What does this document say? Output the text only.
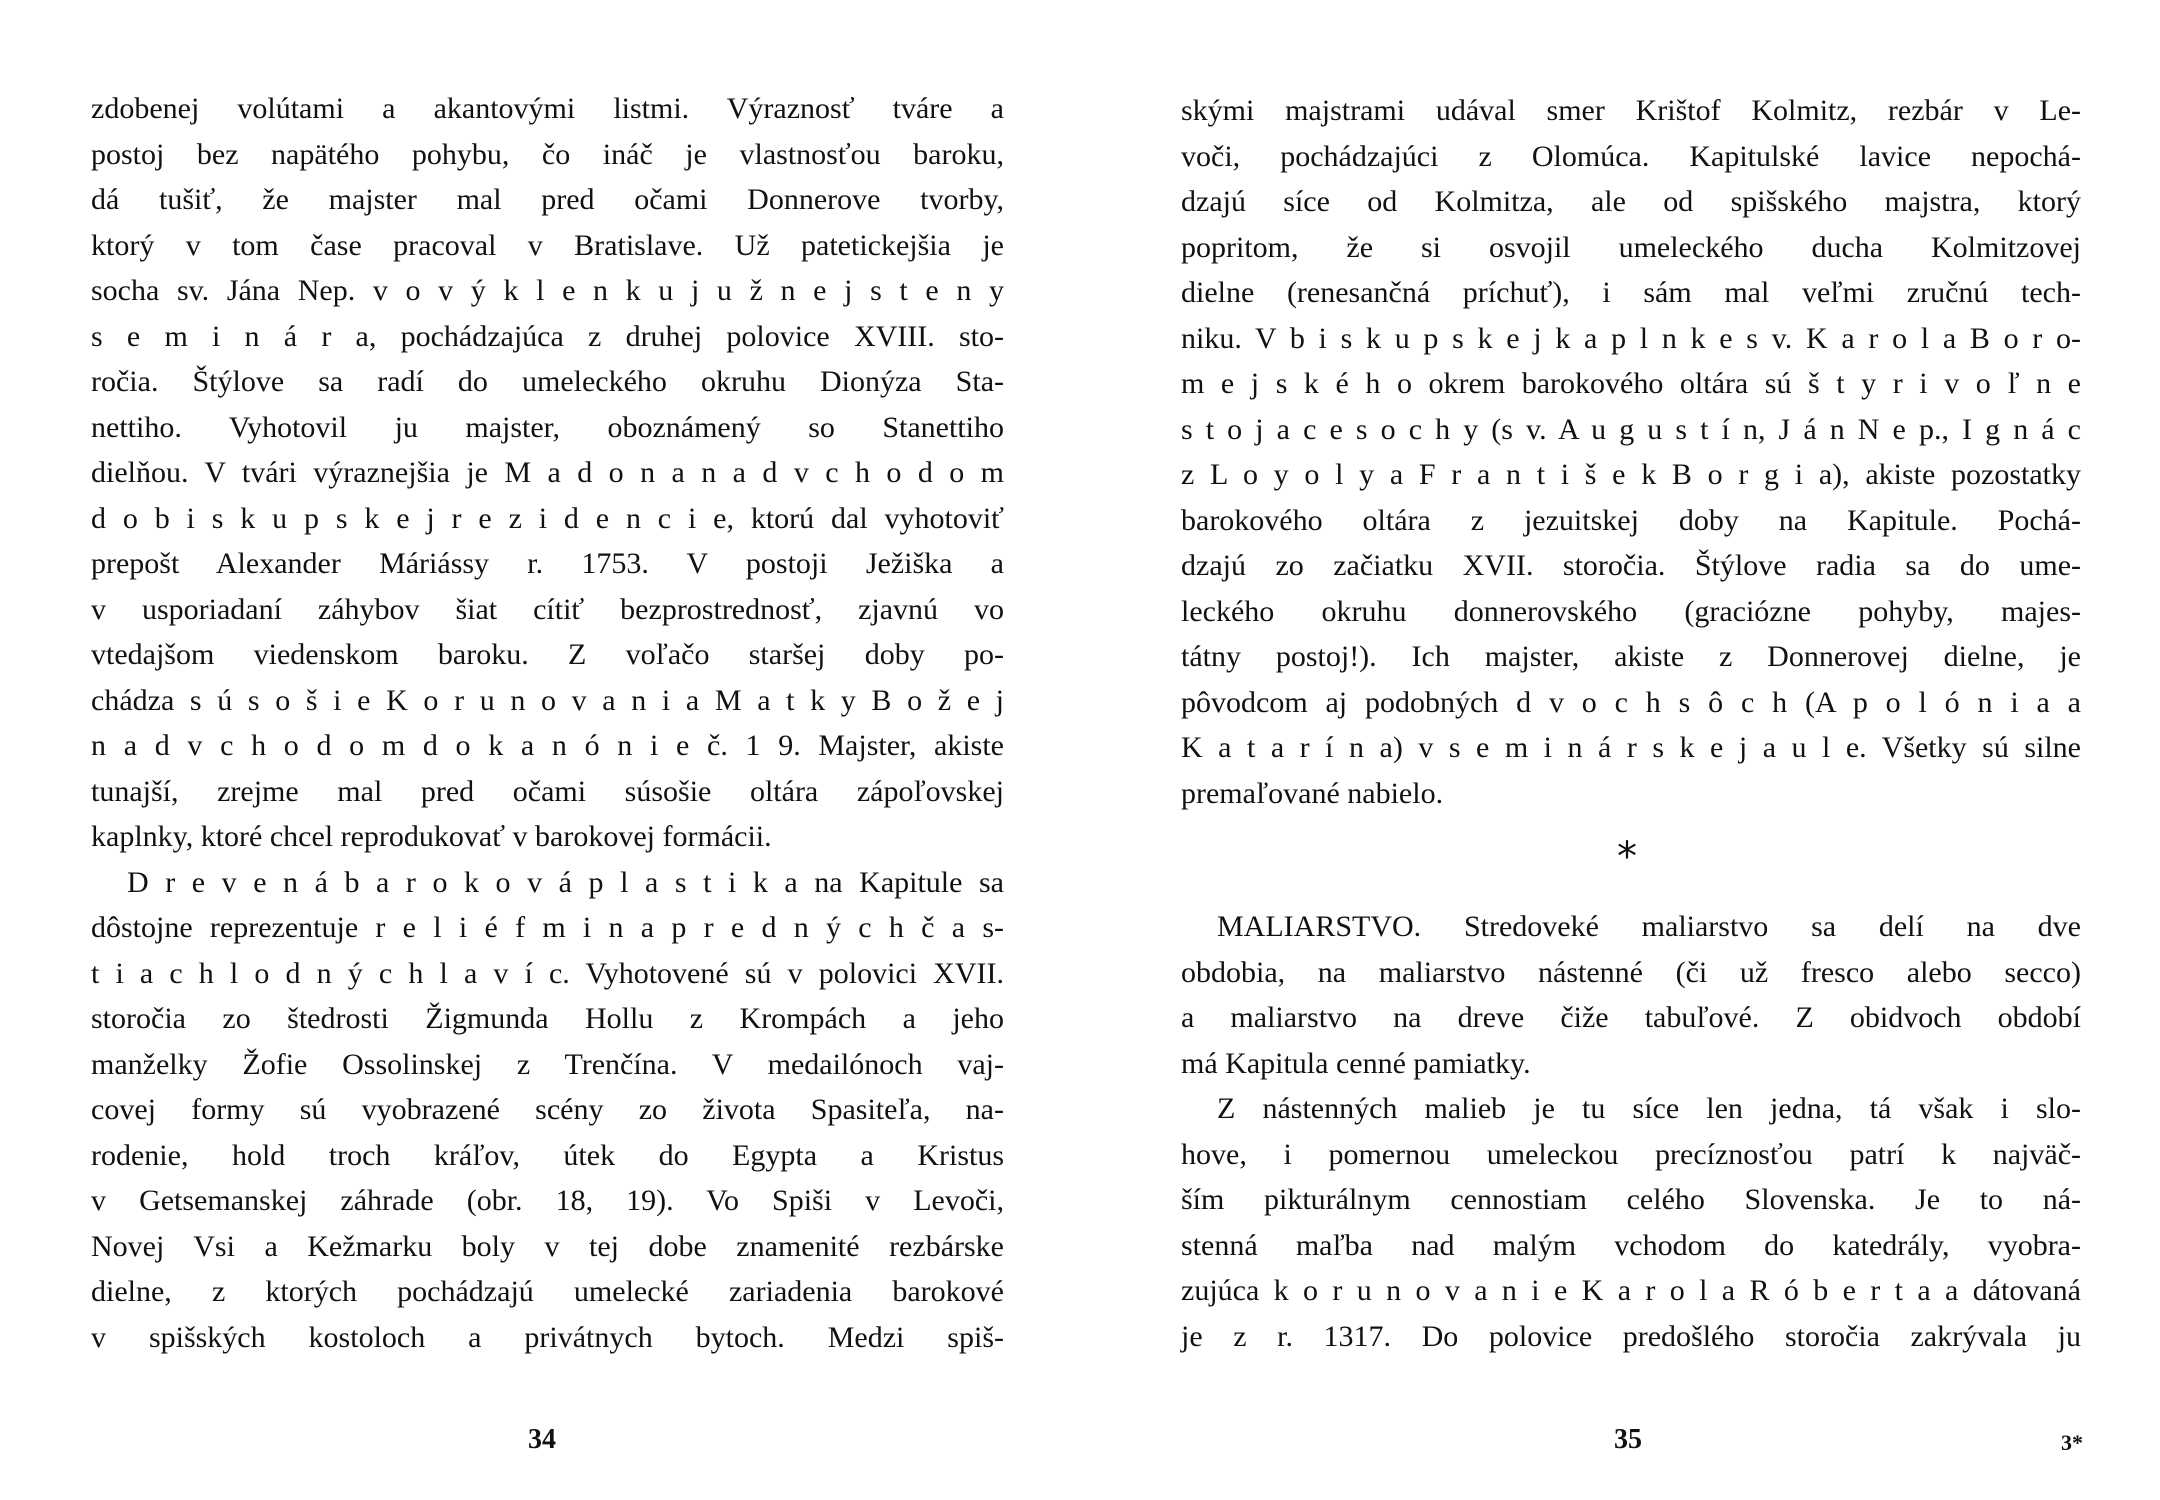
zdobenej volútami a akantovými listmi. Výraznosť tváre a
postoj bez napätého pohybu, čo ináč je vlastnosťou baroku,
dá tušiť, že majster mal pred očami Donnerove tvorby,
ktorý v tom čase pracoval v Bratislave. Už patetickejšia je
socha sv. Jána Nep. v o v ý k l e n k u j u ž n e j s t e n y
s e m i n á r a, pochádzajúca z druhej polovice XVIII. sto-
ročia. Štýlove sa radí do umeleckého okruhu Dionýza Sta-
nettiho. Vyhotovil ju majster, oboznámený so Stanettiho
dielňou. V tvári výraznejšia je M a d o n a n a d v c h o d o m
d o b i s k u p s k e j r e z i d e n c i e, ktorú dal vyhotoviť
prepošt Alexander Máriássy r. 1753. V postoji Ježiška a
v usporiadaní záhybov šiat cítiť bezprostrednosť, zjavnú vo
vtedajšom viedenskom baroku. Z voľačo staršej doby po-
chádza s ú s o š i e K o r u n o v a n i a M a t k y B o ž e j
n a d v c h o d o m d o k a n ó n i e č. 1 9. Majster, akiste
tunajší, zrejme mal pred očami súsošie oltára zápoľovskej
kaplnky, ktoré chcel reprodukovať v barokovej formácii.
D r e v e n á b a r o k o v á p l a s t i k a na Kapitule sa
dôstojne reprezentuje r e l i é f m i n a p r e d n ý c h č a s-
t i a c h l o d n ý c h l a v í c. Vyhotovené sú v polovici XVII.
storočia zo štedrosti Žigmunda Hollu z Krompách a jeho
manželky Žofie Ossolinskej z Trenčína. V medailónoch vaj-
covej formy sú vyobrazené scény zo života Spasiteľa, na-
rodenie, hold troch kráľov, útek do Egypta a Kristus
v Getsemanskej záhrade (obr. 18, 19). Vo Spiši v Levoči,
Novej Vsi a Kežmarku boly v tej dobe znamenité rezbárske
dielne, z ktorých pochádzajú umelecké zariadenia barokové
v spišských kostoloch a privátnych bytoch. Medzi spiš-
34
skými majstrami udával smer Krištof Kolmitz, rezbár v Le-
voči, pochádzajúci z Olomúca. Kapitulské lavice nepochá-
dzajú síce od Kolmitza, ale od spišského majstra, ktorý
popritom, že si osvojil umeleckého ducha Kolmitzovej
dielne (renesančná príchuť), i sám mal veľmi zručnú tech-
niku. V b i s k u p s k e j k a p l n k e s v. K a r o l a B o r o-
m e j s k é h o okrem barokového oltára sú š t y r i v o ľ n e
s t o j a c e s o c h y (s v. A u g u s t í n, J á n N e p., I g n á c
z L o y o l y a F r a n t i š e k B o r g i a), akiste pozostatky
barokového oltára z jezuitskej doby na Kapitule. Pochá-
dzajú zo začiatku XVII. storočia. Štýlove radia sa do ume-
leckého okruhu donnerovského (graciózne pohyby, majes-
tátny postoj!). Ich majster, akiste z Donnerovej dielne, je
pôvodcom aj podobných d v o c h s ô c h (A p o l ó n i a a
K a t a r í n a) v s e m i n á r s k e j a u l e. Všetky sú silne
premaľované nabielo.
*
MALIARSTVO. Stredoveké maliarstvo sa delí na dve
obdobia, na maliarstvo nástenné (či už fresco alebo secco)
a maliarstvo na dreve čiže tabuľové. Z obidvoch období
má Kapitula cenné pamiatky.
Z nástenných malieb je tu síce len jedna, tá však i slo-
hove, i pomernou umeleckou precíznosťou patrí k najväč-
ším pikturálnym cennostiam celého Slovenska. Je to ná-
stenná maľba nad malým vchodom do katedrály, vyobra-
zujúca k o r u n o v a n i e K a r o l a R ó b e r t a a dátovaná
je z r. 1317. Do polovice predošlého storočia zakrývala ju
35	3*
